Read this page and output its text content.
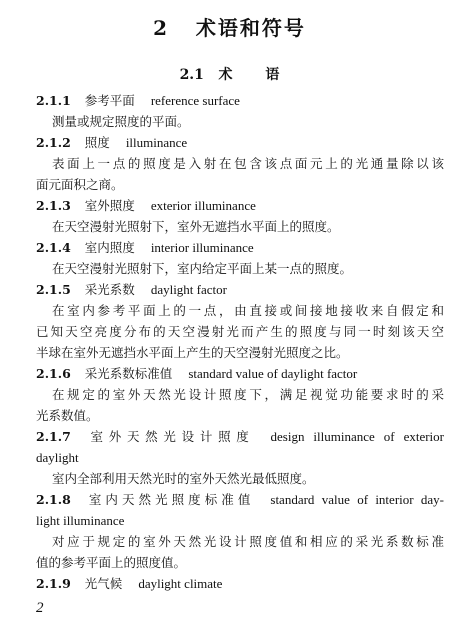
2 术语和符号
2.1 术 语
2.1.1 参考平面 reference surface
测量或规定照度的平面。
2.1.2 照度 illuminance
表面上一点的照度是入射在包含该点面元上的光通量除以该
面元面积之商。
2.1.3 室外照度 exterior illuminance
在天空漫射光照射下，室外无遮挡水平面上的照度。
2.1.4 室内照度 interior illuminance
在天空漫射光照射下，室内给定平面上某一点的照度。
2.1.5 采光系数 daylight factor
在室内参考平面上的一点，由直接或间接地接收来自假定和
已知天空亮度分布的天空漫射光而产生的照度与同一时刻该天空
半球在室外无遮挡水平面上产生的天空漫射光照度之比。
2.1.6 采光系数标准值 standard value of daylight factor
在规定的室外天然光设计照度下，满足视觉功能要求时的采
光系数值。
2.1.7 室外天然光设计照度 design illuminance of exterior
daylight
室内全部利用天然光时的室外天然光最低照度。
2.1.8 室内天然光照度标准值 standard value of interior day-
light illuminance
对应于规定的室外天然光设计照度值和相应的采光系数标准
值的参考平面上的照度值。
2.1.9 光气候 daylight climate
2
